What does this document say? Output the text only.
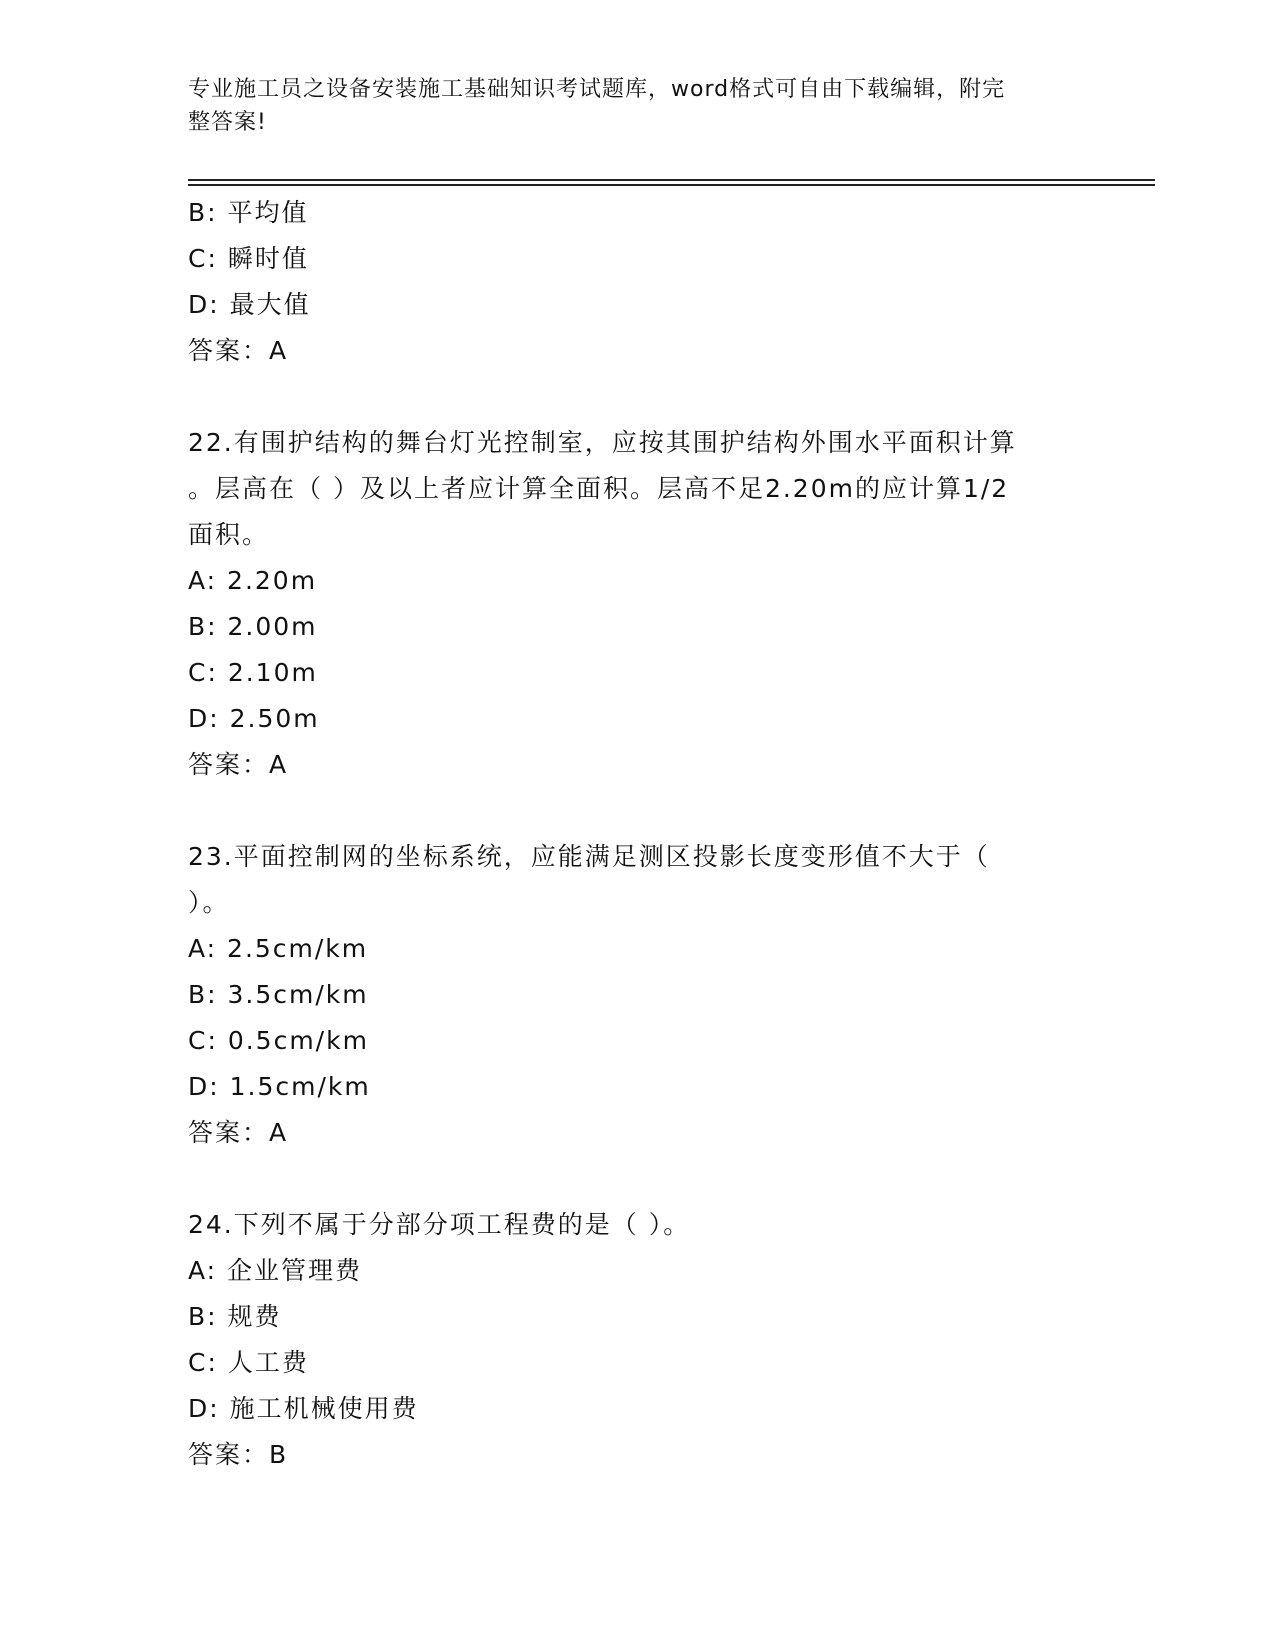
专业施工员之设备安装施工基础知识考试题库，word格式可自由下载编辑，附完
整答案!
B: 平均值
C: 瞬时值
D: 最大值
答案：A
22.有围护结构的舞台灯光控制室，应按其围护结构外围水平面积计算
。层高在（ ）及以上者应计算全面积。层高不足2.20m的应计算1/2
面积。
A: 2.20m
B: 2.00m
C: 2.10m
D: 2.50m
答案：A
23.平面控制网的坐标系统，应能满足测区投影长度变形值不大于（
）。
A: 2.5cm/km
B: 3.5cm/km
C: 0.5cm/km
D: 1.5cm/km
答案：A
24.下列不属于分部分项工程费的是（ ）。
A: 企业管理费
B: 规费
C: 人工费
D: 施工机械使用费
答案：B
